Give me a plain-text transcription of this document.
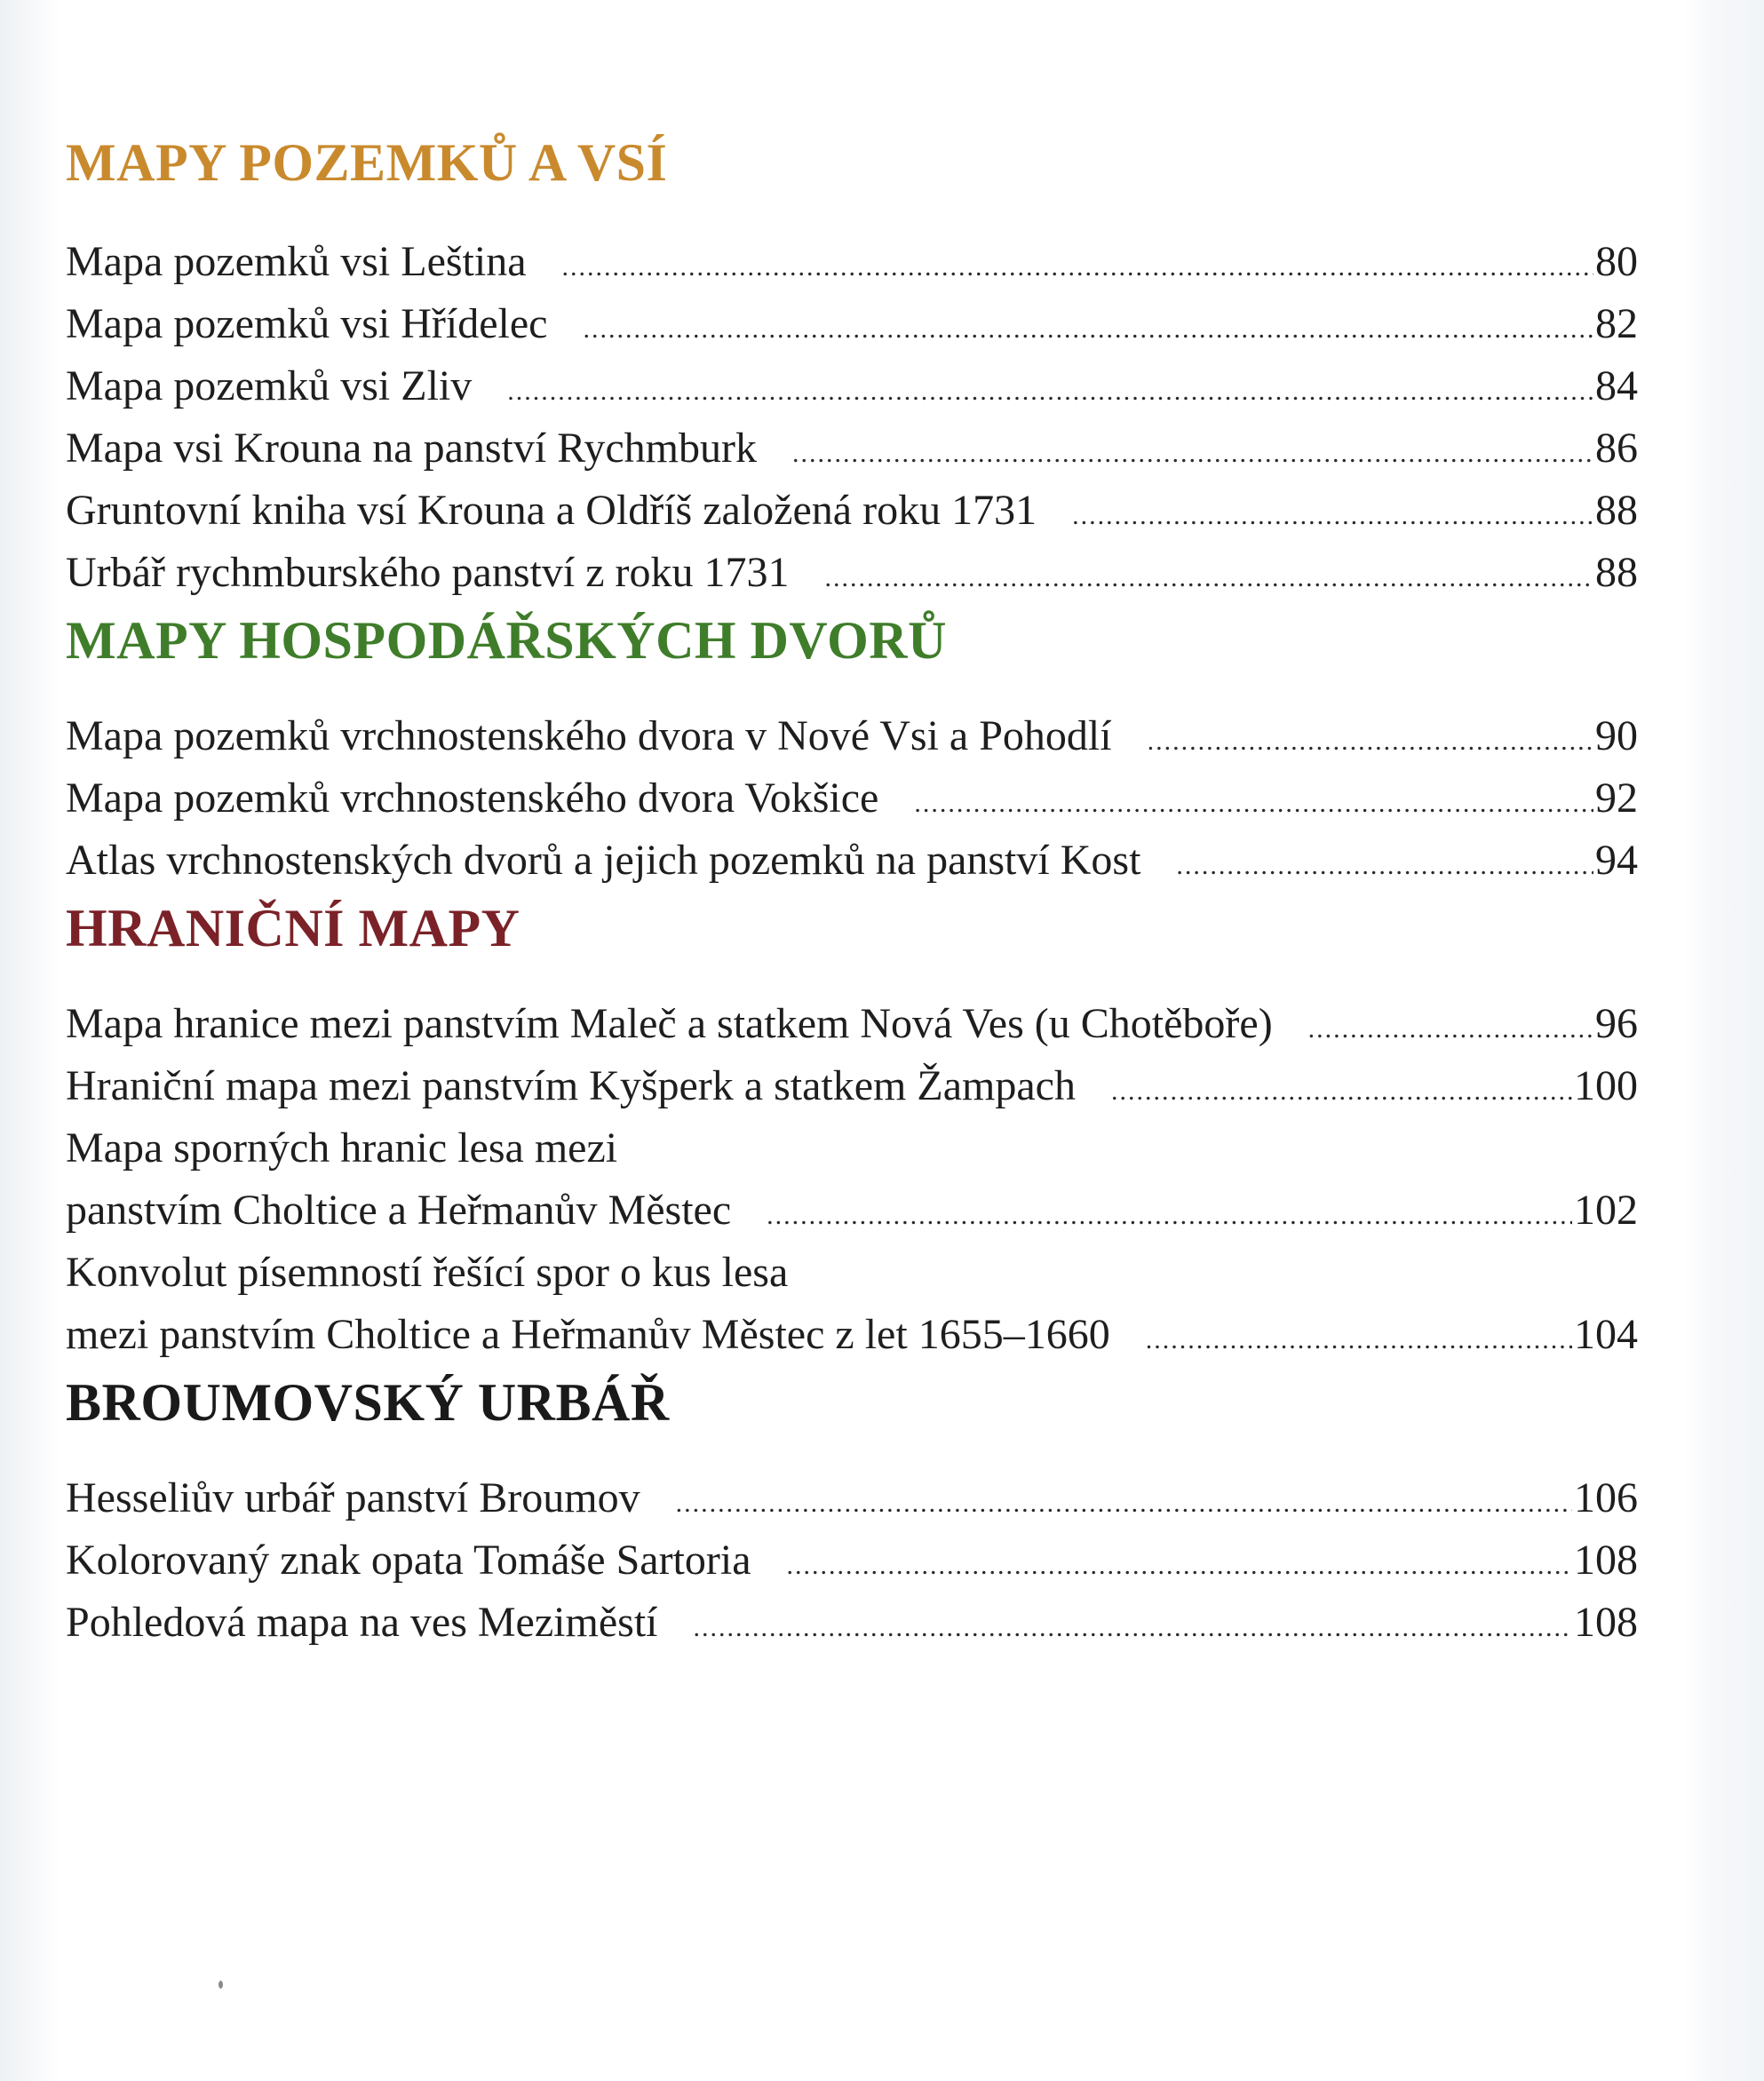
MAPY POZEMKŮ A VSÍ
Mapa pozemků vsi Leština .....	80
Mapa pozemků vsi Hřídelec .....	82
Mapa pozemků vsi Zliv .....	84
Mapa vsi Krouna na panství Rychmburk .....	86
Gruntovní kniha vsí Krouna a Oldříš založená roku 1731 .....	88
Urbář rychmburského panství z roku 1731 .....	88
MAPY HOSPODÁŘSKÝCH DVORŮ
Mapa pozemků vrchnostenského dvora v Nové Vsi a Pohodlí .....	90
Mapa pozemků vrchnostenského dvora Vokšice .....	92
Atlas vrchnostenských dvorů a jejich pozemků na panství Kost .....	94
HRANIČNÍ MAPY
Mapa hranice mezi panstvím Maleč a statkem Nová Ves (u Chotěboře) .....	96
Hraniční mapa mezi panstvím Kyšperk a statkem Žampach .....	100
Mapa sporných hranic lesa mezi
panstvím Choltice a Heřmanův Městec .....	102
Konvolut písemností řešící spor o kus lesa
mezi panstvím Choltice a Heřmanův Městec z let 1655–1660 .....	104
BROUMOVSKÝ URBÁŘ
Hesseliův urbář panství Broumov .....	106
Kolorovaný znak opata Tomáše Sartoria .....	108
Pohledová mapa na ves Meziměstí .....	108
